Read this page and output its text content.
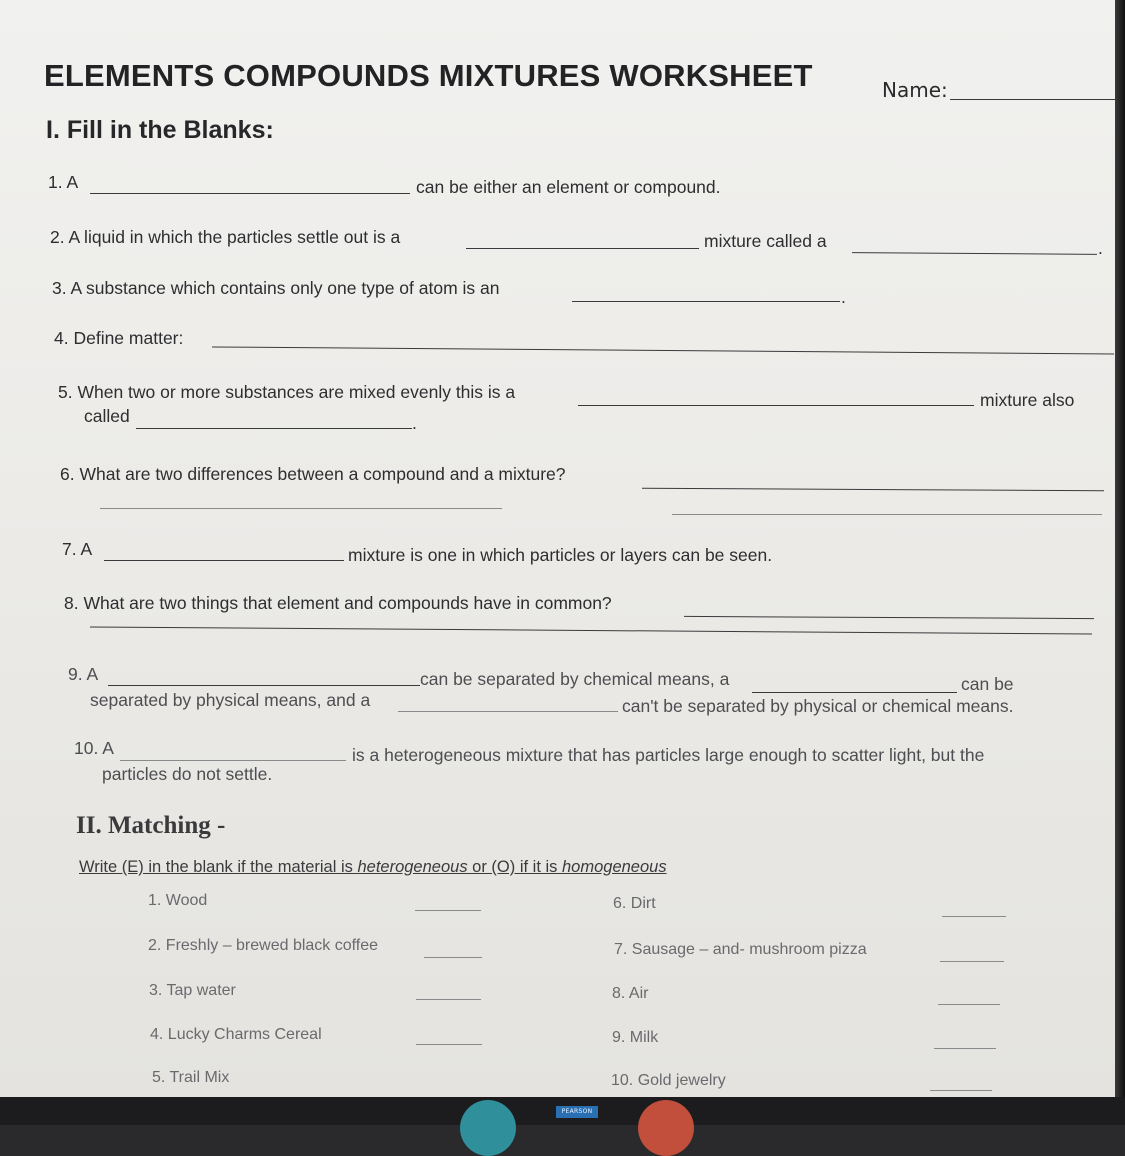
ELEMENTS COMPOUNDS MIXTURES WORKSHEET	Name:
I. Fill in the Blanks:
1. A	can be either an element or compound.
2. A liquid in which the particles settle out is a	mixture called a	.
3. A substance which contains only one type of atom is an	.
4. Define matter:
5. When two or more substances are mixed evenly this is a	mixture also
called	.
6. What are two differences between a compound and a mixture?
7. A	mixture is one in which particles or layers can be seen.
8. What are two things that element and compounds have in common?
9. A	can be separated by chemical means, a	can be
separated by physical means, and a	can't be separated by physical or chemical means.
10. A	is a heterogeneous mixture that has particles large enough to scatter light, but the
particles do not settle.
II. Matching -
Write (E) in the blank if the material is heterogeneous or (O) if it is homogeneous
1. Wood
2. Freshly – brewed black coffee
3. Tap water
4. Lucky Charms Cereal
5. Trail Mix
6. Dirt
7. Sausage – and- mushroom pizza
8. Air
9. Milk
10. Gold jewelry
PEARSON
